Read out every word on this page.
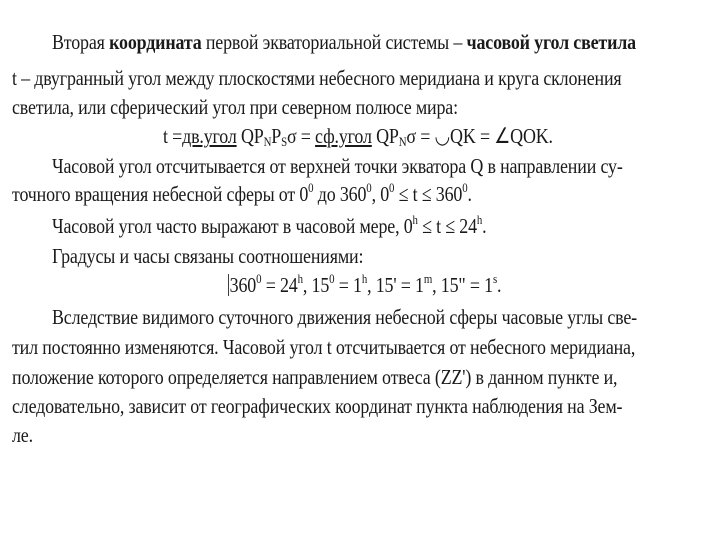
Вторая координата первой экваториальной системы – часовой угол светила
t – двугранный угол между плоскостями небесного меридиана и круга склонения
светила, или сферический угол при северном полюсе мира:
t =дв.угол $QP_NP_S\sigma$ = сф.угол $QP_N\sigma$ = ◡QK = ∠QOK.
Часовой угол отсчитывается от верхней точки экватора Q в направлении су-
точного вращения небесной сферы от $0^0$ до $360^0$, $0^0 \le t \le 360^0$.
Часовой угол часто выражают в часовой мере, $0^h \le t \le 24^h$.
Градусы и часы связаны соотношениями:
$360^0 = 24^h$, $15^0 = 1^h$, $15' = 1^m$, 15" = $1^s$.
Вследствие видимого суточного движения небесной сферы часовые углы све-
тил постоянно изменяются. Часовой угол t отсчитывается от небесного меридиана,
положение которого определяется направлением отвеса (ZZ') в данном пункте и,
следовательно, зависит от географических координат пункта наблюдения на Зем-
ле.
